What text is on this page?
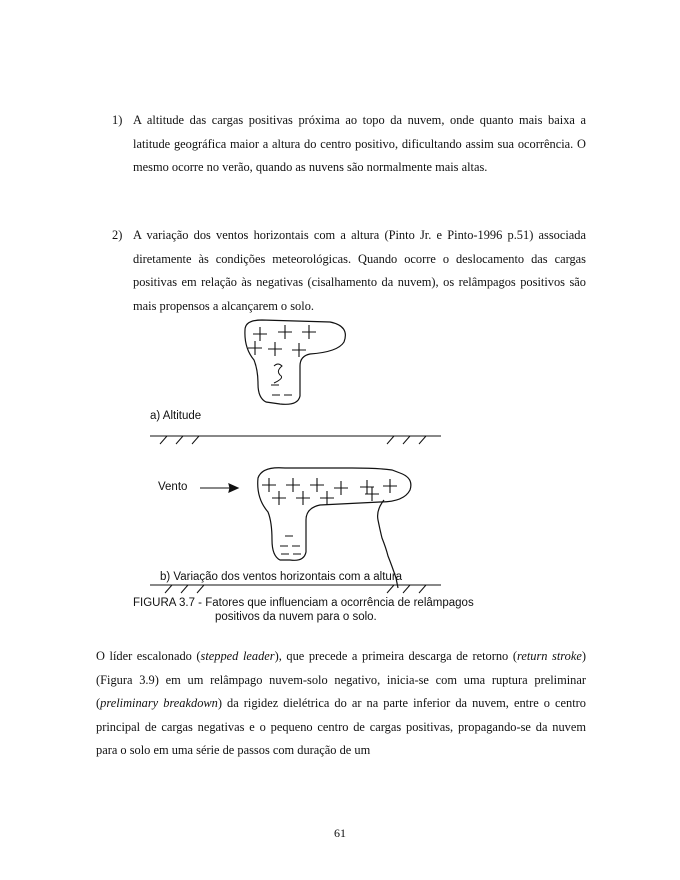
1) A altitude das cargas positivas próxima ao topo da nuvem, onde quanto mais baixa a latitude geográfica maior a altura do centro positivo, dificultando assim sua ocorrência. O mesmo ocorre no verão, quando as nuvens são normalmente mais altas.
2) A variação dos ventos horizontais com a altura (Pinto Jr. e Pinto-1996 p.51) associada diretamente às condições meteorológicas. Quando ocorre o deslocamento das cargas positivas em relação às negativas (cisalhamento da nuvem), os relâmpagos positivos são mais propensos a alcançarem o solo.
a) Altitude
Vento
b) Variação dos ventos horizontais com a altura
FIGURA 3.7 - Fatores que influenciam a ocorrência de relâmpagos
positivos da nuvem para o solo.
O líder escalonado (stepped leader), que precede a primeira descarga de retorno (return stroke) (Figura 3.9) em um relâmpago nuvem-solo negativo, inicia-se com uma ruptura preliminar (preliminary breakdown) da rigidez dielétrica do ar na parte inferior da nuvem, entre o centro principal de cargas negativas e o pequeno centro de cargas positivas, propagando-se da nuvem para o solo em uma série de passos com duração de um
61
